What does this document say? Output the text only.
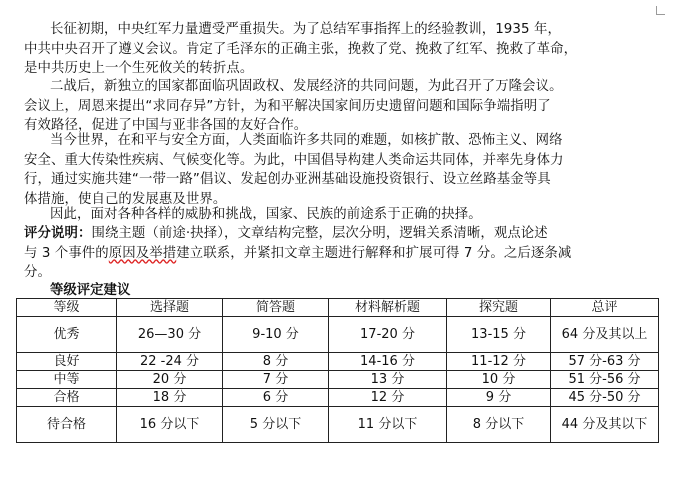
长征初期，中央红军力量遭受严重损失。为了总结军事指挥上的经验教训，1935 年，
中共中央召开了遵义会议。肯定了毛泽东的正确主张，挽救了党、挽救了红军、挽救了革命，
是中共历史上一个生死攸关的转折点。
二战后，新独立的国家都面临巩固政权、发展经济的共同问题，为此召开了万隆会议。
会议上，周恩来提出“求同存异”方针，为和平解决国家间历史遗留问题和国际争端指明了
有效路径，促进了中国与亚非各国的友好合作。
当今世界，在和平与安全方面，人类面临许多共同的难题，如核扩散、恐怖主义、网络
安全、重大传染性疾病、气候变化等。为此，中国倡导构建人类命运共同体，并率先身体力
行，通过实施共建“一带一路”倡议、发起创办亚洲基础设施投资银行、设立丝路基金等具
体措施，使自己的发展惠及世界。
因此，面对各种各样的威胁和挑战，国家、民族的前途系于正确的抉择。
评分说明：围绕主题（前途·抉择），文章结构完整，层次分明，逻辑关系清晰，观点论述
与 3 个事件的原因及举措建立联系，并紧扣文章主题进行解释和扩展可得 7 分。之后逐条减
分。
等级评定建议
等级	选择题	简答题	材料解析题	探究题	总评
优秀	26—30 分	9-10 分	17-20 分	13-15 分	64 分及其以上
良好	22 -24 分	8 分	14-16 分	11-12 分	57 分-63 分
中等	20 分	7 分	13 分	10 分	51 分-56 分
合格	18 分	6 分	12 分	9 分	45 分-50 分
待合格	16 分以下	5 分以下	11 分以下	8 分以下	44 分及其以下
